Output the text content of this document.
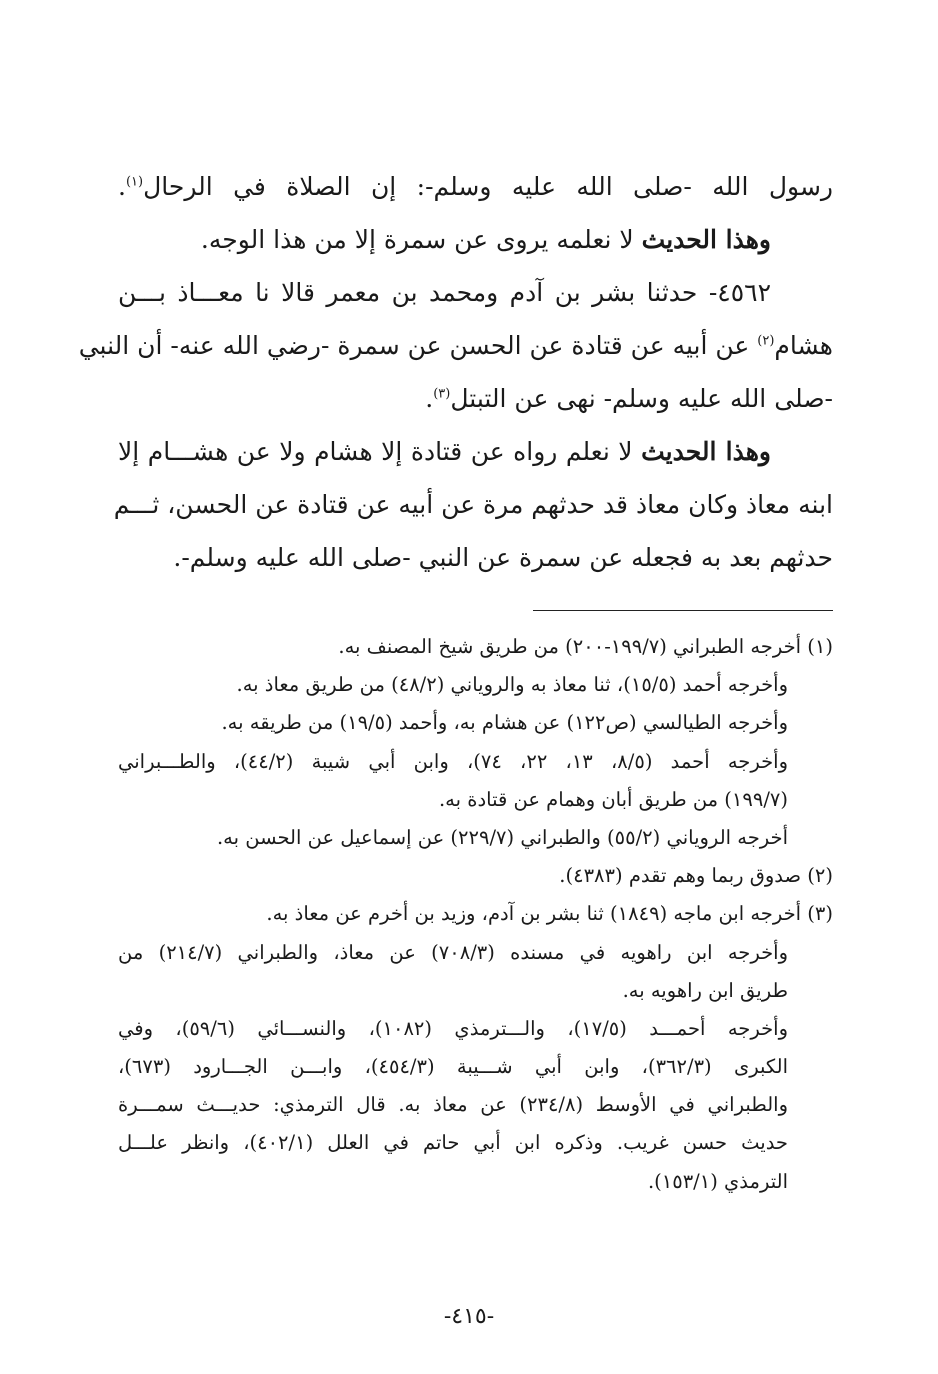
رسول الله -صلى الله عليه وسلم-: إن الصلاة في الرحال$^{(١)}$.
وهذا الحديث لا نعلمه يروى عن سمرة إلا من هذا الوجه.
٤٥٦٢- حدثنا بشر بن آدم ومحمد بن معمر قالا نا معـــاذ بـــن
هشام$^{(٢)}$ عن أبيه عن قتادة عن الحسن عن سمرة -رضي الله عنه- أن النبي
-صلى الله عليه وسلم- نهى عن التبتل$^{(٣)}$.
وهذا الحديث لا نعلم رواه عن قتادة إلا هشام ولا عن هشـــام إلا
ابنه معاذ وكان معاذ قد حدثهم مرة عن أبيه عن قتادة عن الحسن، ثـــم
حدثهم بعد به فجعله عن سمرة عن النبي -صلى الله عليه وسلم-.
(١) أخرجه الطبراني (١٩٩/٧-٢٠٠) من طريق شيخ المصنف به.
وأخرجه أحمد (١٥/٥)، ثنا معاذ به والروياني (٤٨/٢) من طريق معاذ به.
وأخرجه الطيالسي (ص١٢٢) عن هشام به، وأحمد (١٩/٥) من طريقه به.
وأخرجه أحمد (٨/٥، ١٣، ٢٢، ٧٤)، وابن أبي شيبة (٤٤/٢)، والطـــبراني
(١٩٩/٧) من طريق أبان وهمام عن قتادة به.
أخرجه الروياني (٥٥/٢) والطبراني (٢٢٩/٧) عن إسماعيل عن الحسن به.
(٢) صدوق ربما وهم تقدم (٤٣٨٣).
(٣) أخرجه ابن ماجه (١٨٤٩) ثنا بشر بن آدم، وزيد بن أخرم عن معاذ به.
وأخرجه ابن راهويه في مسنده (٧٠٨/٣) عن معاذ، والطبراني (٢١٤/٧) من
طريق ابن راهويه به.
وأخرجه أحمـــد (١٧/٥)، والـــترمذي (١٠٨٢)، والنســـائي (٥٩/٦)، وفي
الكبرى (٣٦٢/٣)، وابن أبي شـــيبة (٤٥٤/٣)، وابـــن الجـــارود (٦٧٣)،
والطبراني في الأوسط (٢٣٤/٨) عن معاذ به. قال الترمذي: حديـــث سمـــرة
حديث حسن غريب. وذكره ابن أبي حاتم في العلل (٤٠٢/١)، وانظر علـــل
الترمذي (١٥٣/١).
-٤١٥-
